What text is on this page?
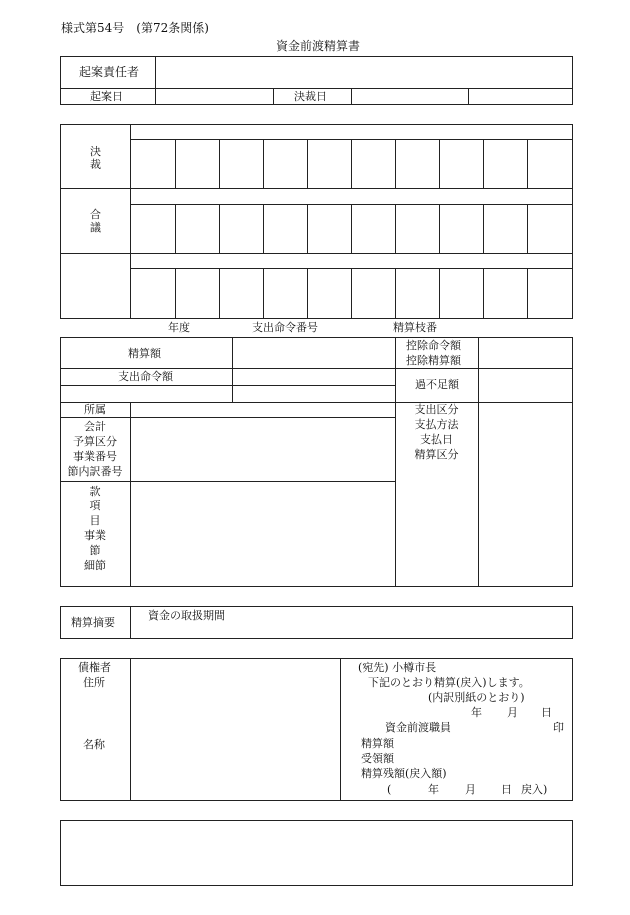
様式第54号　(第72条関係)
資金前渡精算書
起案責任者
起案日	決裁日
決
裁
合
議
年度	支出命令番号	精算枝番
精算額
支出命令額
控除命令額
控除精算額
過不足額
所属
会計
予算区分
事業番号
節内訳番号
款
項
目
事業
節
細節
支出区分
支払方法
支払日
精算区分
精算摘要
資金の取扱期間
債権者
住所
名称
(宛先) 小樽市長
下記のとおり精算(戻入)します。
(内訳別紙のとおり)
年 月 日
資金前渡職員	印
精算額
受領額
精算残額(戻入額)
(	年 月 日 戻入)
